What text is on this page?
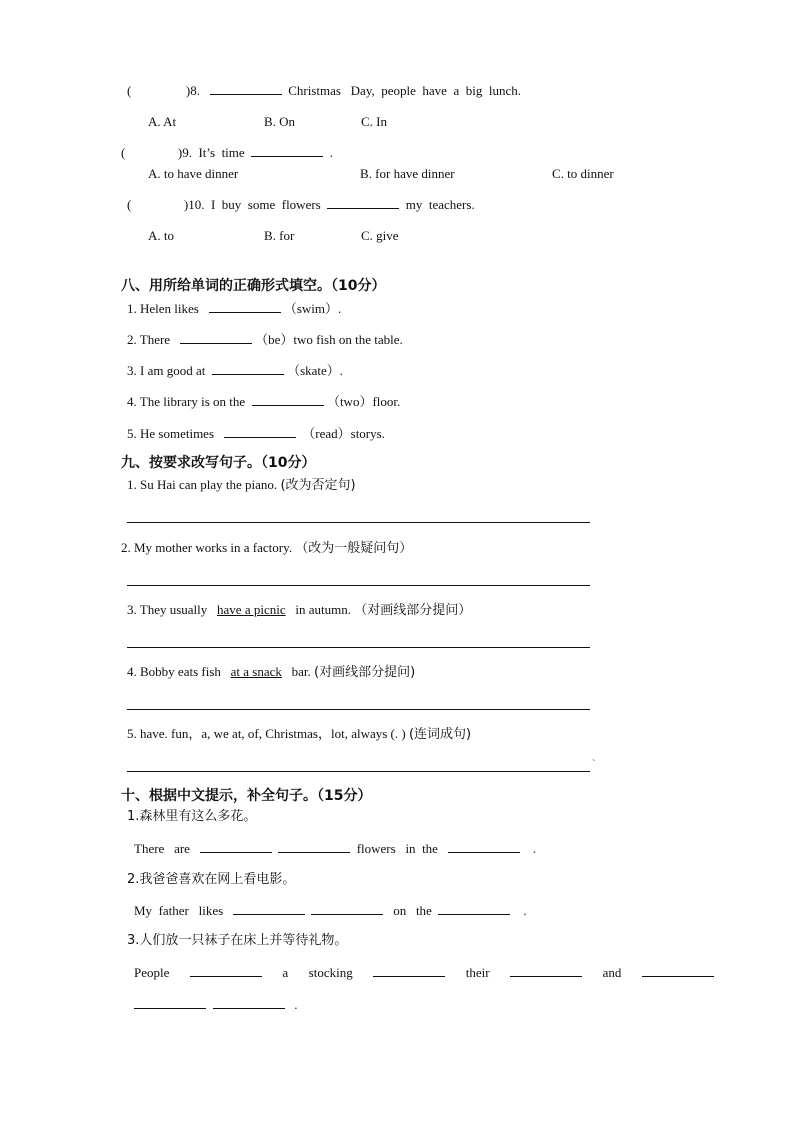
(	)8.	Christmas Day, people have a big lunch.
A. At	B. On	C. In
(	)9. It’s time	.
A. to have dinner	B. for have dinner	C. to dinner
(	)10. I buy some flowers	my teachers.
A. to	B. for	C. give
八、用所给单词的正确形式填空。（10分）
1. Helen likes	（swim）.
2. There	（be）two fish on the table.
3. I am good at	（skate）.
4. The library is on the	（two）floor.
5. He sometimes	（read）storys.
九、按要求改写句子。（10分）
1. Su Hai can play the piano. (改为否定句)
2. My mother works in a factory. （改为一般疑问句）
3. They usually have a picnic in autumn. （对画线部分提问）
4. Bobby eats fish at a snack bar. (对画线部分提问)
5. have. fun，a, we at, of, Christmas，lot, always (. ) (连词成句)
`
十、根据中文提示，补全句子。（15分）
1.森林里有这么多花。
There are	flowers in the	.
2.我爸爸喜欢在网上看电影。
My father likes	on the	.
3.人们放一只袜子在床上并等待礼物。
People	a stocking	their	and
.
